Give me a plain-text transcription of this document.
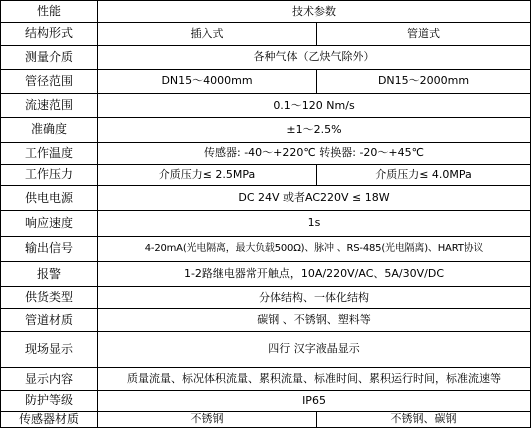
性能	技术参数	
结构形式	插入式	管道式
测量介质	各种气体（乙炔气除外）	
管径范围	DN15～4000mm	DN15～2000mm
流速范围	0.1～120 Nm/s	
准确度	±1～2.5%	
工作温度	传感器: -40～+220℃ 转换器: -20～+45℃	
工作压力	介质压力≤ 2.5MPa	介质压力≤ 4.0MPa
供电电源	DC 24V 或者AC220V ≤ 18W	
响应速度	1s	
输出信号	4-20mA(光电隔离，最大负载500Ω)、脉冲 、RS-485(光电隔离)、HART协议	
报警	1-2路继电器常开触点，10A/220V/AC、5A/30V/DC	
供货类型	分体结构、一体化结构	
管道材质	碳钢 、不锈钢、塑料等	
现场显示	四行 汉字液晶显示	
显示内容	质量流量、标况体积流量、累积流量、标准时间、累积运行时间，标准流速等	
防护等级	IP65	
传感器材质	不锈钢	不锈钢、碳钢
